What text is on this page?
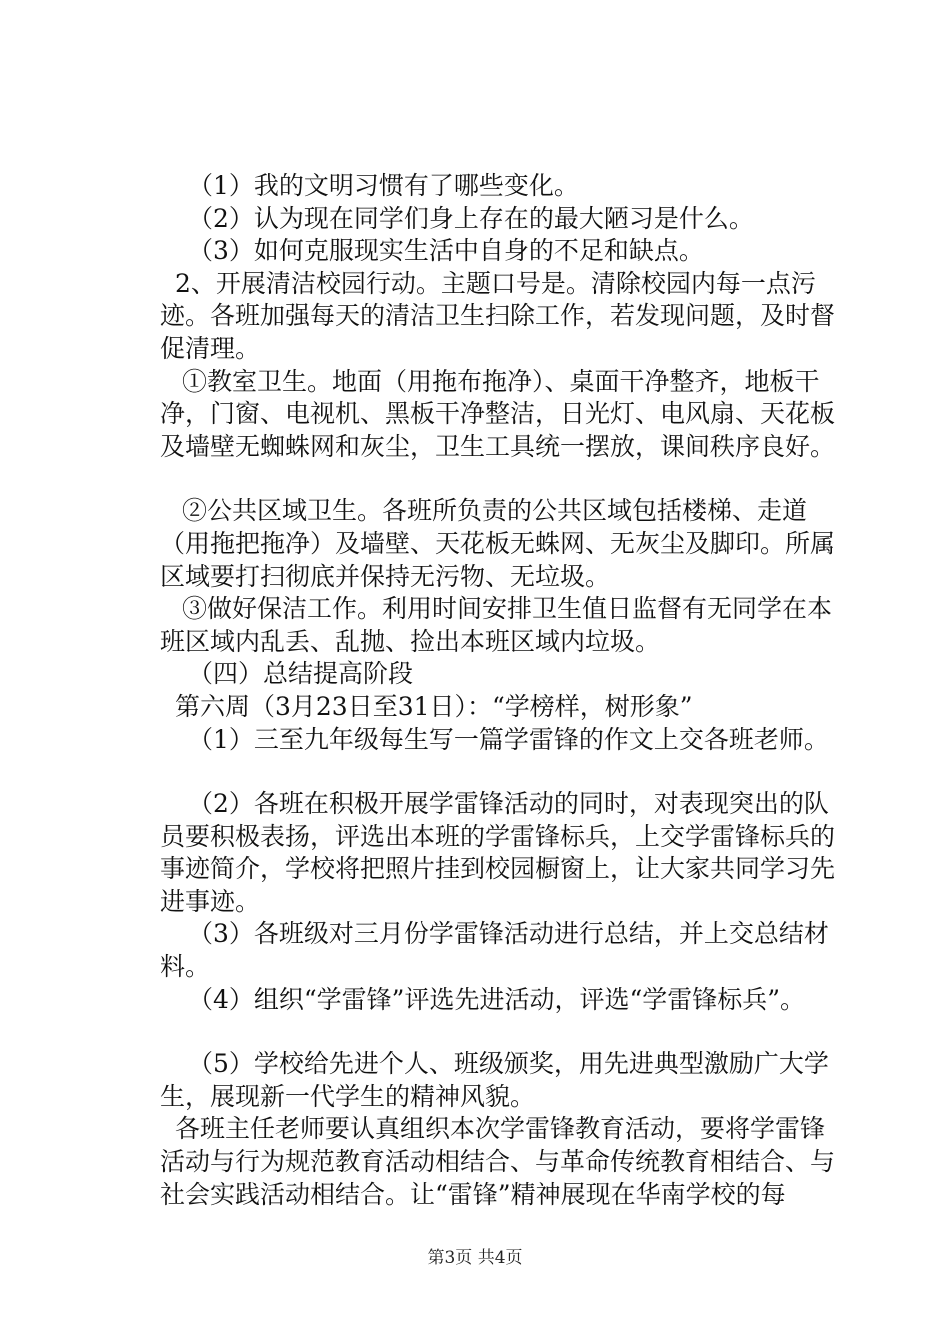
（1）我的文明习惯有了哪些变化。

（2）认为现在同学们身上存在的最大陋习是什么。

（3）如何克服现实生活中自身的不足和缺点。

2、开展清洁校园行动。主题口号是。清除校园内每一点污迹。各班加强每天的清洁卫生扫除工作，若发现问题，及时督促清理。

①教室卫生。地面（用拖布拖净）、桌面干净整齐，地板干净，门窗、电视机、黑板干净整洁，日光灯、电风扇、天花板及墙壁无蜘蛛网和灰尘，卫生工具统一摆放，课间秩序良好。

②公共区域卫生。各班所负责的公共区域包括楼梯、走道（用拖把拖净）及墙壁、天花板无蛛网、无灰尘及脚印。所属区域要打扫彻底并保持无污物、无垃圾。

③做好保洁工作。利用时间安排卫生值日监督有无同学在本班区域内乱丢、乱抛、捡出本班区域内垃圾。

（四）总结提高阶段

第六周（3月23日至31日）：“学榜样，树形象”

（1）三至九年级每生写一篇学雷锋的作文上交各班老师。

（2）各班在积极开展学雷锋活动的同时，对表现突出的队员要积极表扬，评选出本班的学雷锋标兵，上交学雷锋标兵的事迹简介，学校将把照片挂到校园橱窗上，让大家共同学习先进事迹。

（3）各班级对三月份学雷锋活动进行总结，并上交总结材料。

（4）组织“学雷锋”评选先进活动，评选“学雷锋标兵”。

（5）学校给先进个人、班级颁奖，用先进典型激励广大学生，展现新一代学生的精神风貌。

各班主任老师要认真组织本次学雷锋教育活动，要将学雷锋活动与行为规范教育活动相结合、与革命传统教育相结合、与社会实践活动相结合。让“雷锋”精神展现在华南学校的每

第3页 共4页
